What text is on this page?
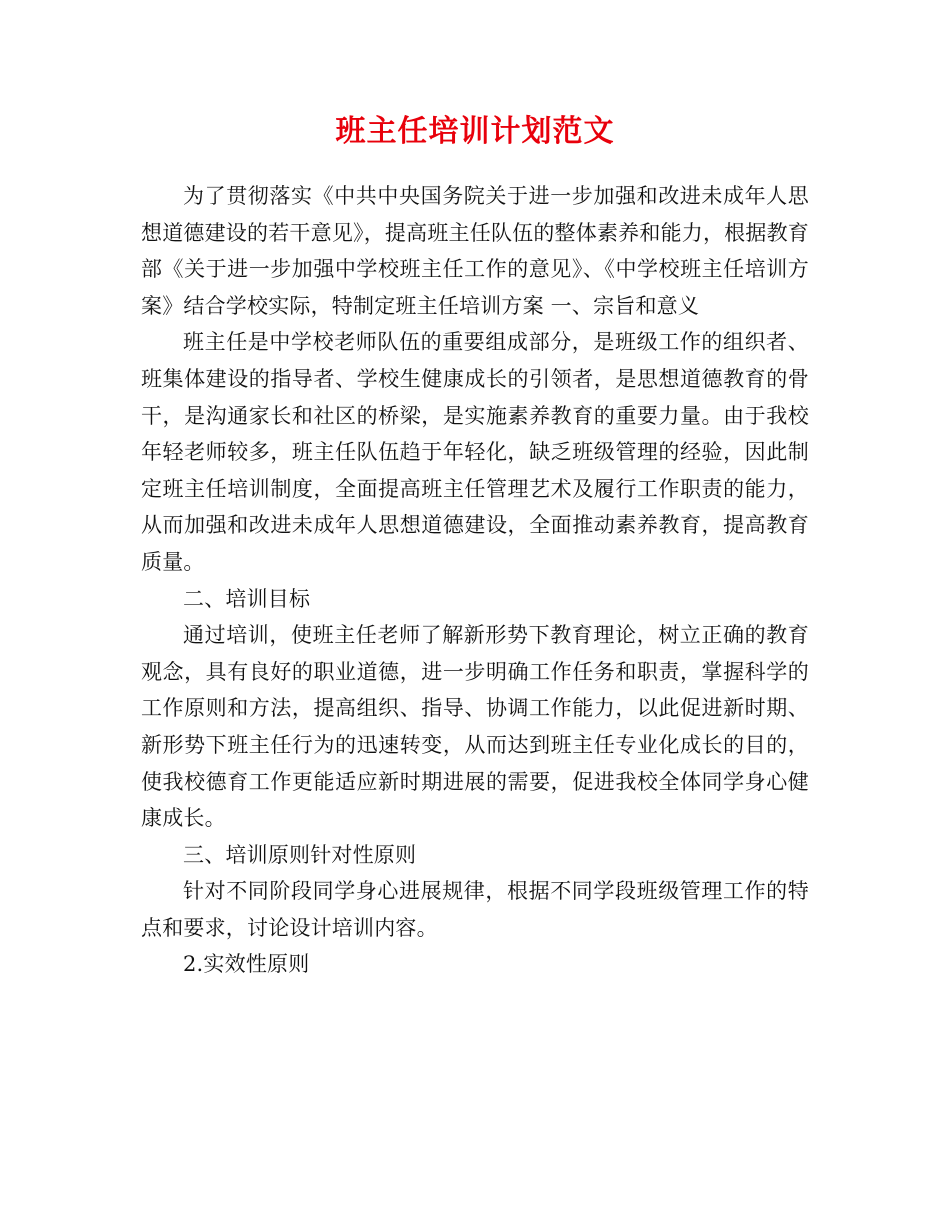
班主任培训计划范文

为了贯彻落实《中共中央国务院关于进一步加强和改进未成年人思想道德建设的若干意见》，提高班主任队伍的整体素养和能力，根据教育部《关于进一步加强中学校班主任工作的意见》、《中学校班主任培训方案》结合学校实际，特制定班主任培训方案 一、宗旨和意义

班主任是中学校老师队伍的重要组成部分，是班级工作的组织者、班集体建设的指导者、学校生健康成长的引领者，是思想道德教育的骨干，是沟通家长和社区的桥梁，是实施素养教育的重要力量。由于我校年轻老师较多，班主任队伍趋于年轻化，缺乏班级管理的经验，因此制定班主任培训制度，全面提高班主任管理艺术及履行工作职责的能力，从而加强和改进未成年人思想道德建设，全面推动素养教育，提高教育质量。

二、培训目标

通过培训，使班主任老师了解新形势下教育理论，树立正确的教育观念，具有良好的职业道德，进一步明确工作任务和职责，掌握科学的工作原则和方法，提高组织、指导、协调工作能力，以此促进新时期、新形势下班主任行为的迅速转变，从而达到班主任专业化成长的目的，使我校德育工作更能适应新时期进展的需要，促进我校全体同学身心健康成长。

三、培训原则针对性原则

针对不同阶段同学身心进展规律，根据不同学段班级管理工作的特点和要求，讨论设计培训内容。

2.实效性原则
